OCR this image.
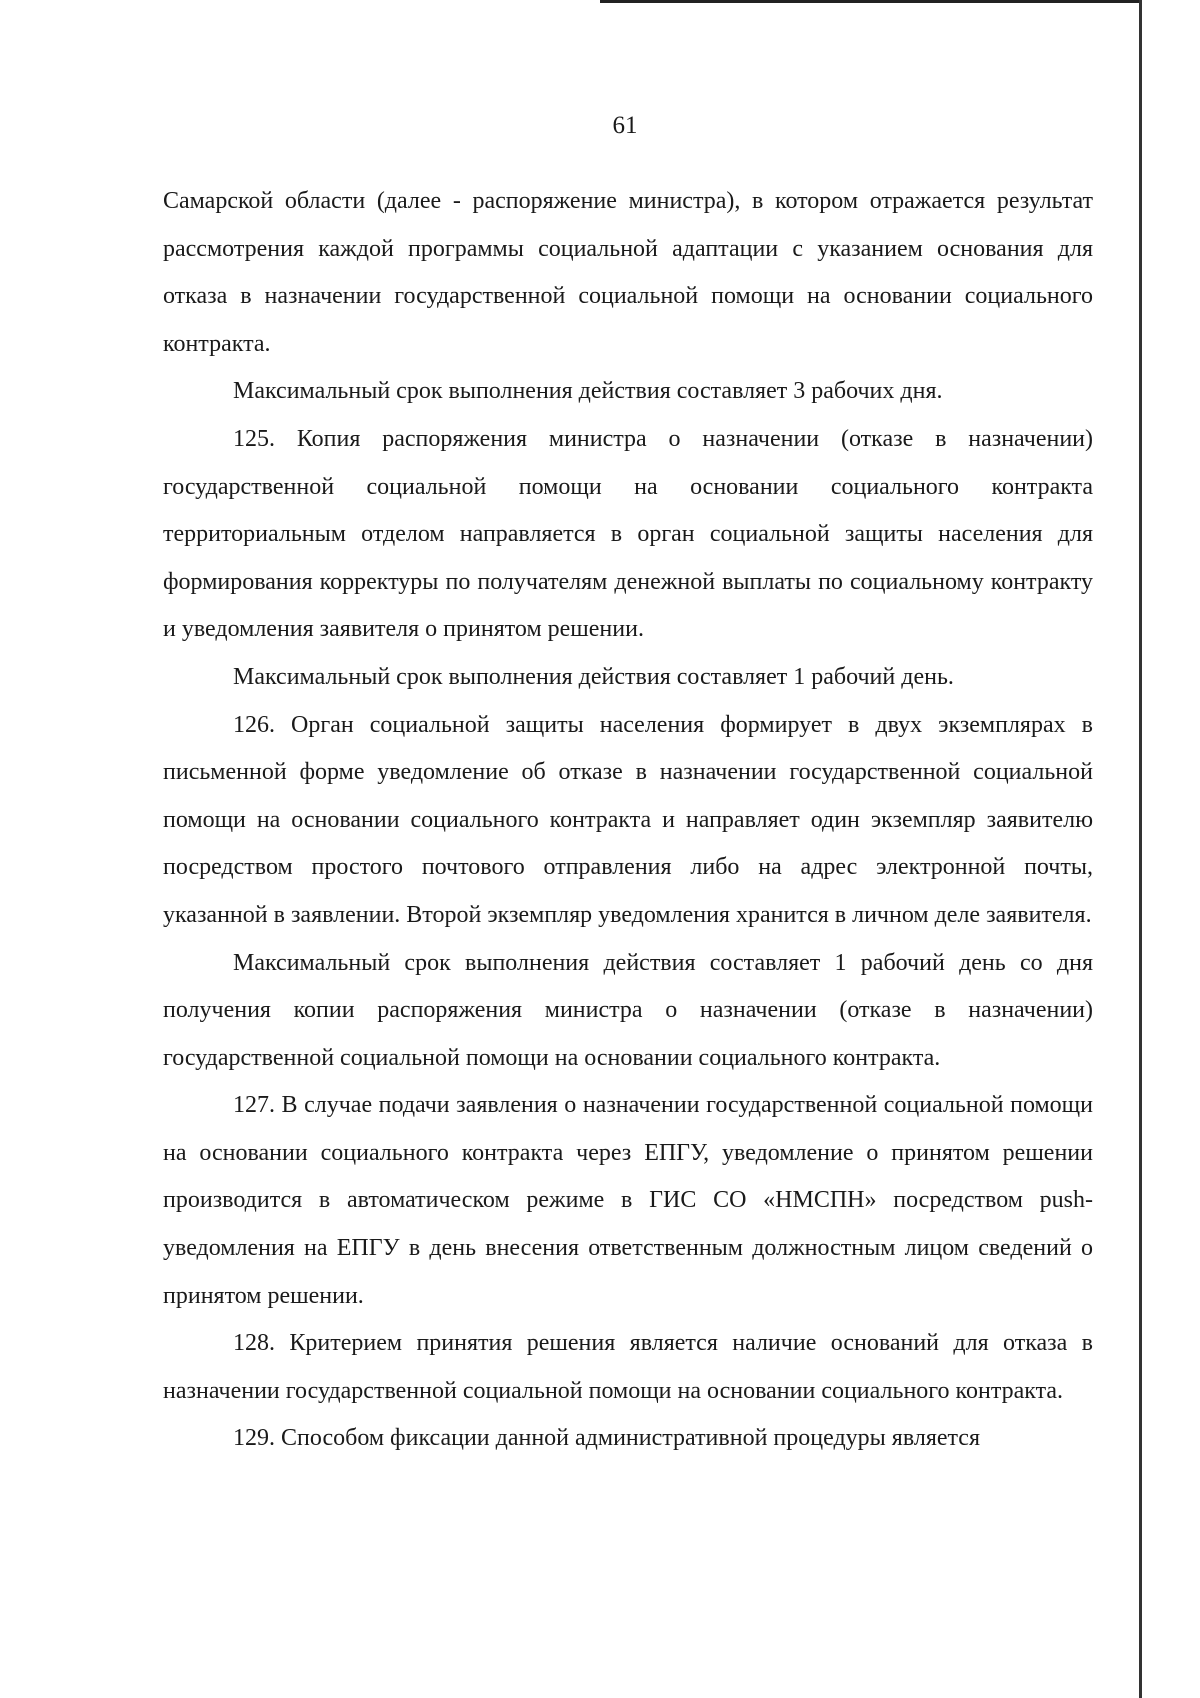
61

Самарской области (далее - распоряжение министра), в котором отражается результат рассмотрения каждой программы социальной адаптации с указанием основания для отказа в назначении государственной социальной помощи на основании социального контракта.

Максимальный срок выполнения действия составляет 3 рабочих дня.

125. Копия распоряжения министра о назначении (отказе в назначении) государственной социальной помощи на основании социального контракта территориальным отделом направляется в орган социальной защиты населения для формирования корректуры по получателям денежной выплаты по социальному контракту и уведомления заявителя о принятом решении.

Максимальный срок выполнения действия составляет 1 рабочий день.

126. Орган социальной защиты населения формирует в двух экземплярах в письменной форме уведомление об отказе в назначении государственной социальной помощи на основании социального контракта и направляет один экземпляр заявителю посредством простого почтового отправления либо на адрес электронной почты, указанной в заявлении. Второй экземпляр уведомления хранится в личном деле заявителя.

Максимальный срок выполнения действия составляет 1 рабочий день со дня получения копии распоряжения министра о назначении (отказе в назначении) государственной социальной помощи на основании социального контракта.

127. В случае подачи заявления о назначении государственной социальной помощи на основании социального контракта через ЕПГУ, уведомление о принятом решении производится в автоматическом режиме в ГИС СО «НМСПН» посредством push-уведомления на ЕПГУ в день внесения ответственным должностным лицом сведений о принятом решении.

128. Критерием принятия решения является наличие оснований для отказа в назначении государственной социальной помощи на основании социального контракта.

129. Способом фиксации данной административной процедуры является
